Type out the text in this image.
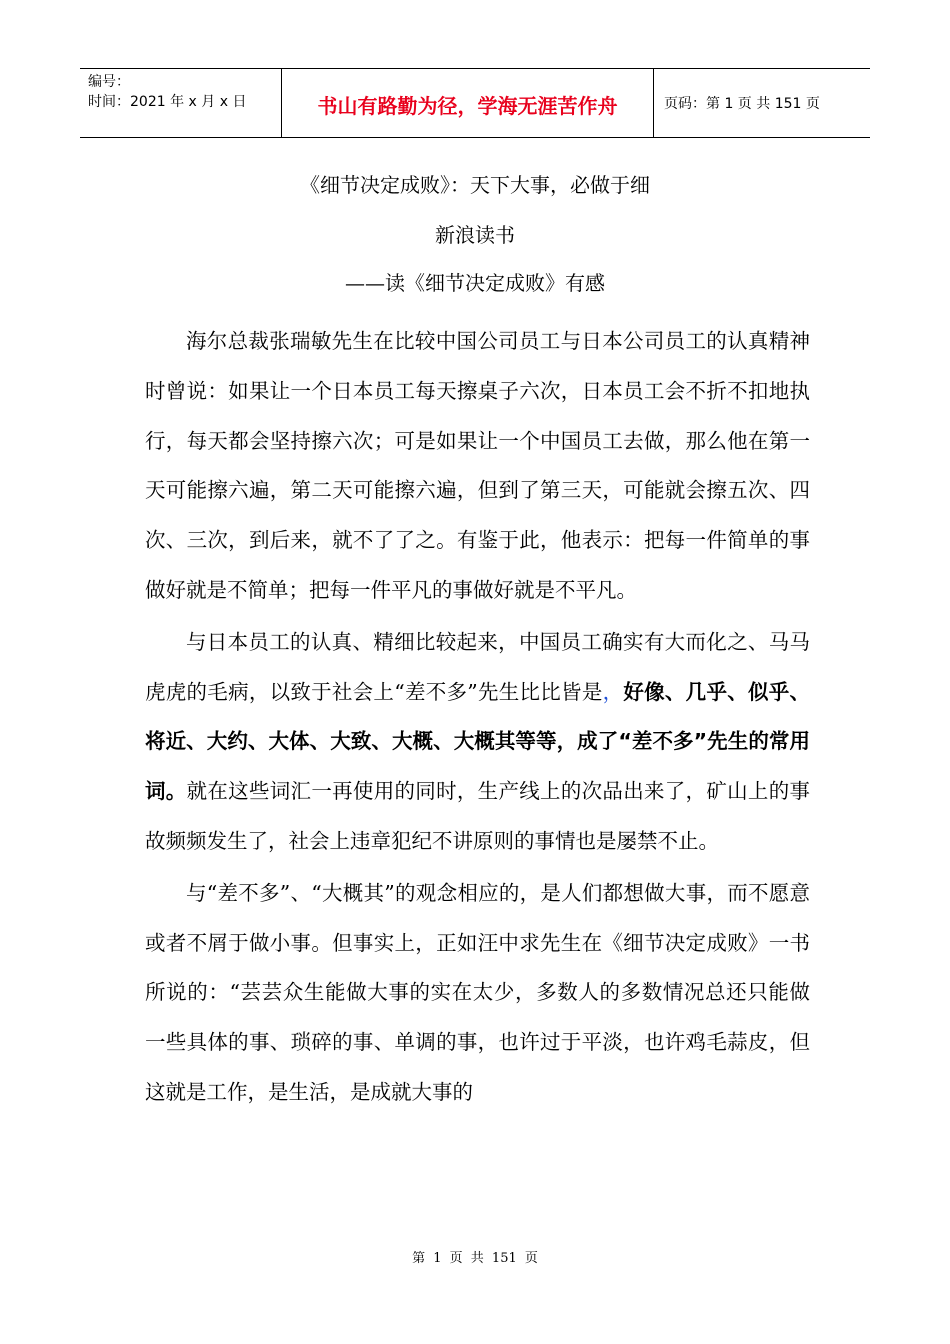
编号：
时间：2021 年 x 月 x 日	书山有路勤为径，学海无涯苦作舟	页码：第 1 页 共 151 页
《细节决定成败》：天下大事，必做于细
新浪读书
——读《细节决定成败》有感

海尔总裁张瑞敏先生在比较中国公司员工与日本公司员工的认真精神时曾说：如果让一个日本员工每天擦桌子六次，日本员工会不折不扣地执行，每天都会坚持擦六次；可是如果让一个中国员工去做，那么他在第一天可能擦六遍，第二天可能擦六遍，但到了第三天，可能就会擦五次、四次、三次，到后来，就不了了之。有鉴于此，他表示：把每一件简单的事做好就是不简单；把每一件平凡的事做好就是不平凡。

与日本员工的认真、精细比较起来，中国员工确实有大而化之、马马虎虎的毛病，以致于社会上“差不多”先生比比皆是，好像、几乎、似乎、将近、大约、大体、大致、大概、大概其等等，成了“差不多”先生的常用词。就在这些词汇一再使用的同时，生产线上的次品出来了，矿山上的事故频频发生了，社会上违章犯纪不讲原则的事情也是屡禁不止。

与“差不多”、“大概其”的观念相应的，是人们都想做大事，而不愿意或者不屑于做小事。但事实上，正如汪中求先生在《细节决定成败》一书所说的：“芸芸众生能做大事的实在太少，多数人的多数情况总还只能做一些具体的事、琐碎的事、单调的事，也许过于平淡，也许鸡毛蒜皮，但这就是工作，是生活，是成就大事的

第 1 页 共 151 页
